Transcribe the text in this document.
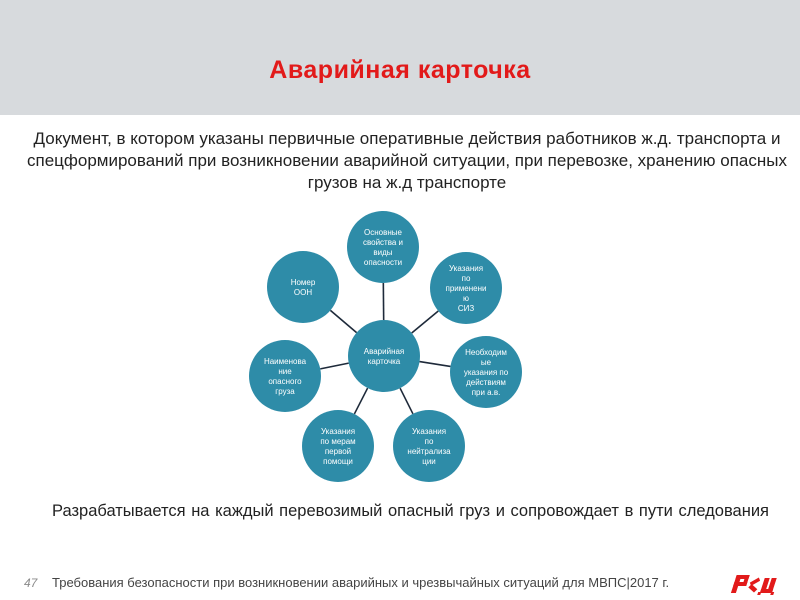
Аварийная карточка
Документ, в котором указаны первичные оперативные действия работников ж.д. транспорта и спецформирований при возникновении аварийной ситуации, при перевозке, хранению опасных грузов на ж.д транспорте
Аварийная карточка
Основные свойства и виды опасности
Указания по применени ю СИЗ
Необходим ые указания по действиям при а.в.
Указания по нейтрализа ции
Указания по мерам первой помощи
Наименова ние опасного груза
Номер ООН
Разрабатывается на каждый перевозимый опасный груз и сопровождает в пути следования
47 Требования безопасности при возникновении аварийных и чрезвычайных ситуаций для МВПС|2017 г.
